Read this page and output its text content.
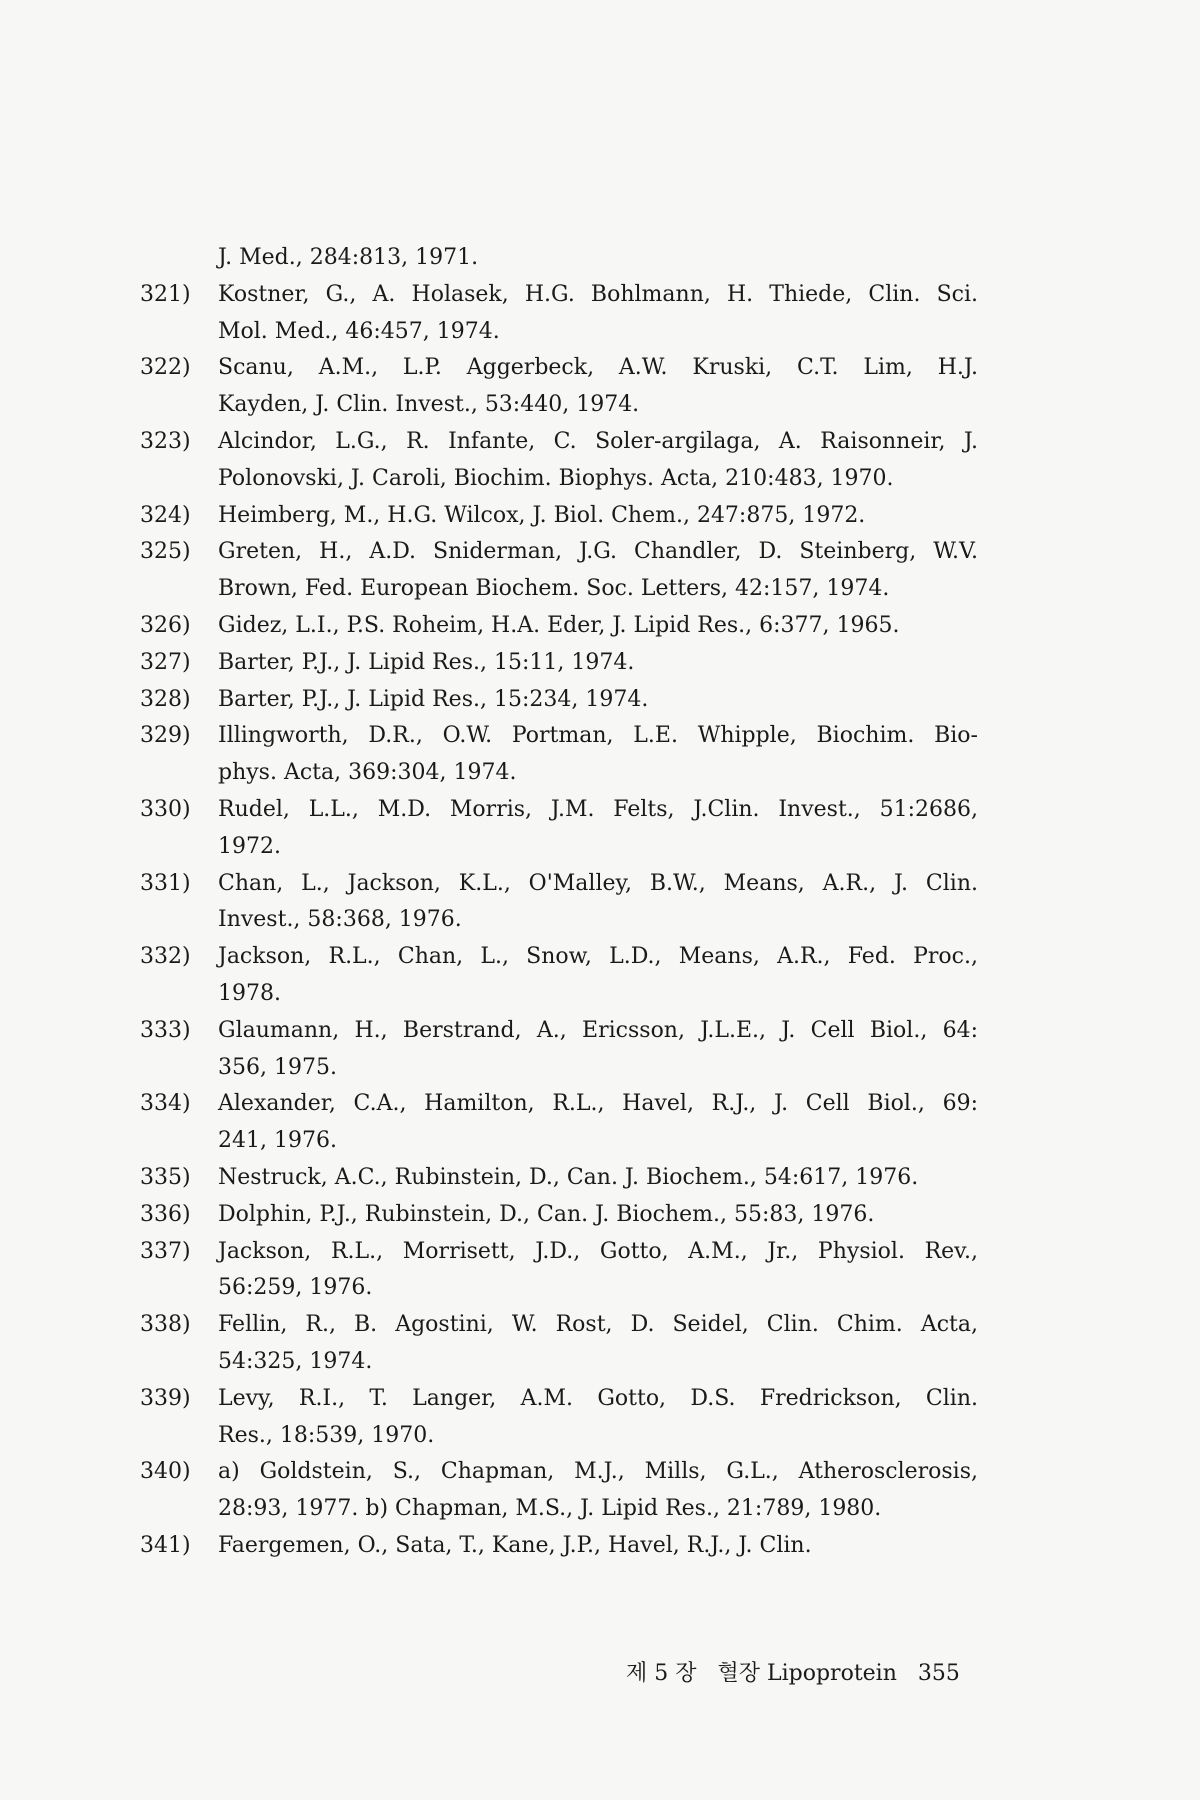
J. Med., 284:813, 1971.
321) Kostner, G., A. Holasek, H.G. Bohlmann, H. Thiede, Clin. Sci.
Mol. Med., 46:457, 1974.
322) Scanu, A.M., L.P. Aggerbeck, A.W. Kruski, C.T. Lim, H.J.
Kayden, J. Clin. Invest., 53:440, 1974.
323) Alcindor, L.G., R. Infante, C. Soler-argilaga, A. Raisonneir, J.
Polonovski, J. Caroli, Biochim. Biophys. Acta, 210:483, 1970.
324) Heimberg, M., H.G. Wilcox, J. Biol. Chem., 247:875, 1972.
325) Greten, H., A.D. Sniderman, J.G. Chandler, D. Steinberg, W.V.
Brown, Fed. European Biochem. Soc. Letters, 42:157, 1974.
326) Gidez, L.I., P.S. Roheim, H.A. Eder, J. Lipid Res., 6:377, 1965.
327) Barter, P.J., J. Lipid Res., 15:11, 1974.
328) Barter, P.J., J. Lipid Res., 15:234, 1974.
329) Illingworth, D.R., O.W. Portman, L.E. Whipple, Biochim. Bio-
phys. Acta, 369:304, 1974.
330) Rudel, L.L., M.D. Morris, J.M. Felts, J.Clin. Invest., 51:2686,
1972.
331) Chan, L., Jackson, K.L., O'Malley, B.W., Means, A.R., J. Clin.
Invest., 58:368, 1976.
332) Jackson, R.L., Chan, L., Snow, L.D., Means, A.R., Fed. Proc.,
1978.
333) Glaumann, H., Berstrand, A., Ericsson, J.L.E., J. Cell Biol., 64:
356, 1975.
334) Alexander, C.A., Hamilton, R.L., Havel, R.J., J. Cell Biol., 69:
241, 1976.
335) Nestruck, A.C., Rubinstein, D., Can. J. Biochem., 54:617, 1976.
336) Dolphin, P.J., Rubinstein, D., Can. J. Biochem., 55:83, 1976.
337) Jackson, R.L., Morrisett, J.D., Gotto, A.M., Jr., Physiol. Rev.,
56:259, 1976.
338) Fellin, R., B. Agostini, W. Rost, D. Seidel, Clin. Chim. Acta,
54:325, 1974.
339) Levy, R.I., T. Langer, A.M. Gotto, D.S. Fredrickson, Clin.
Res., 18:539, 1970.
340) a) Goldstein, S., Chapman, M.J., Mills, G.L., Atherosclerosis,
28:93, 1977. b) Chapman, M.S., J. Lipid Res., 21:789, 1980.
341) Faergemen, O., Sata, T., Kane, J.P., Havel, R.J., J. Clin.
제 5 장 혈장 Lipoprotein 355
